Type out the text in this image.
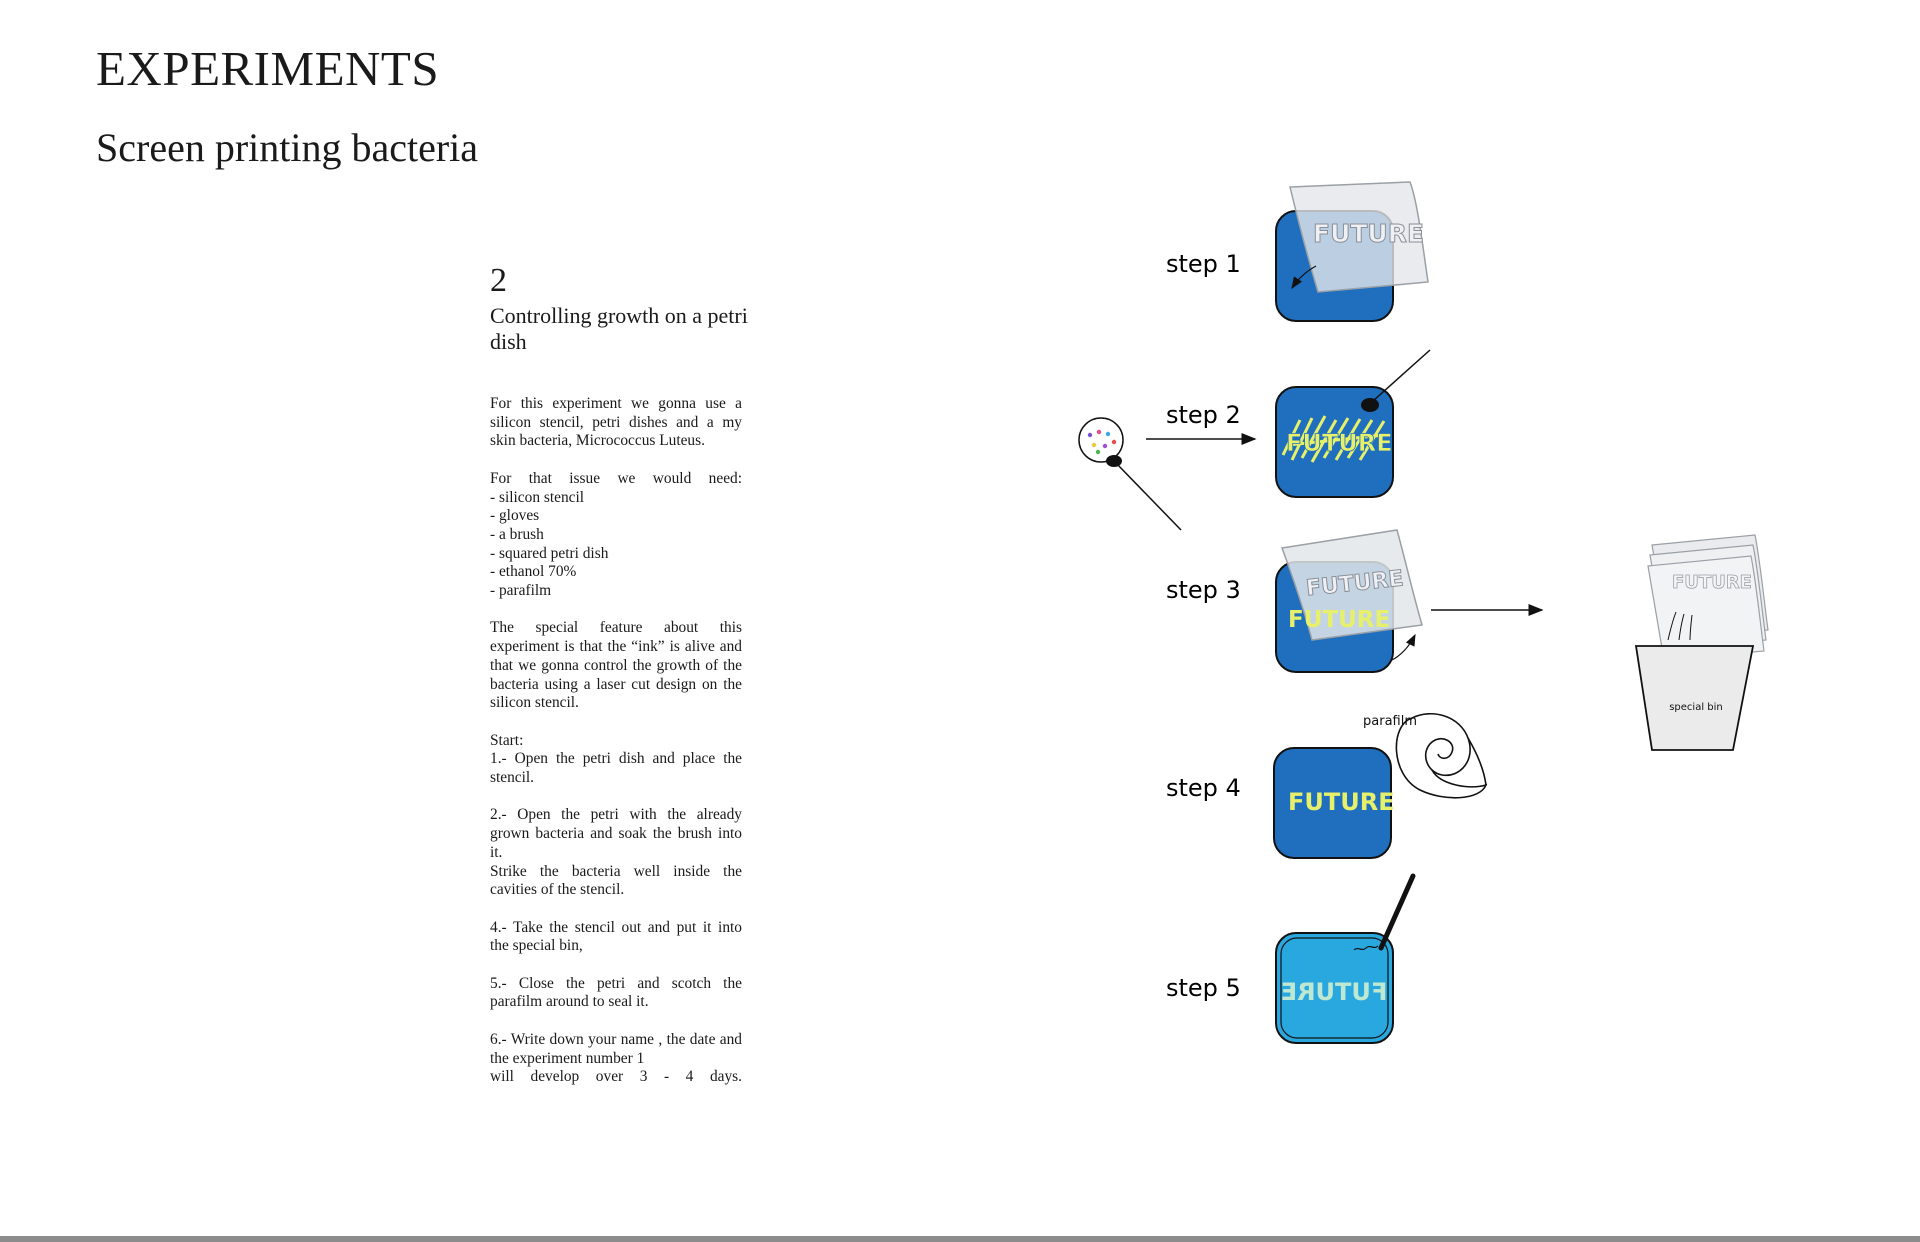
EXPERIMENTS
Screen printing bacteria
2
Controlling growth on a petri dish

For this experiment we gonna use a silicon stencil, petri dishes and a my skin bacteria, Micrococcus Luteus.

For that issue we would need:
- silicon stencil
- gloves
- a brush
- squared petri dish
- ethanol 70%
- parafilm

The special feature about this experiment is that the “ink” is alive and that we gonna control the growth of the bacteria using a laser cut design on the silicon stencil.

Start:
1.- Open the petri dish and place the stencil.

2.- Open the petri with the already grown bacteria and soak the brush into it.
Strike the bacteria well inside the cavities of the stencil.

4.- Take the stencil out and put it into the special bin,

5.- Close the petri and scotch the parafilm around to seal it.

6.- Write down your name , the date and the experiment number 1
will develop over 3 - 4 days.

step 1
step 2
step 3
step 4
step 5
FUTURE
FUTURE
FUTURE
FUTURE
FUTURE
special bin
FUTURE
parafilm
FUTURE
